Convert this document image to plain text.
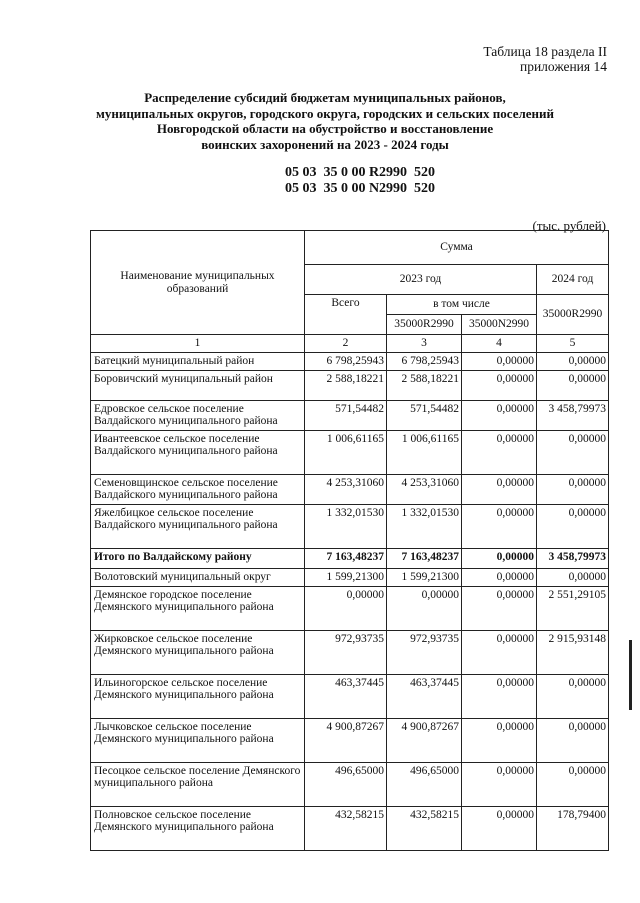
Таблица 18 раздела II
приложения 14
Распределение субсидий бюджетам муниципальных районов,
муниципальных округов, городского округа, городских и сельских поселений
Новгородской области на обустройство и восстановление
воинских захоронений на 2023 - 2024 годы
05 03  35 0 00 R2990  520
05 03  35 0 00 N2990  520
(тыс. рублей)
Наименование муниципальных образований	Сумма			
	2023 год			2024 год
	Всего	в том числе		35000R2990
		35000R2990	35000N2990	
1	2	3	4	5
Батецкий муниципальный район	6 798,25943	6 798,25943	0,00000	0,00000
Боровичский муниципальный район	2 588,18221	2 588,18221	0,00000	0,00000
Едровское сельское поселение Валдайского муниципального района	571,54482	571,54482	0,00000	3 458,79973
Ивантеевское сельское поселение Валдайского муниципального района	1 006,61165	1 006,61165	0,00000	0,00000
Семеновщинское сельское поселение Валдайского муниципального района	4 253,31060	4 253,31060	0,00000	0,00000
Яжелбицкое сельское поселение Валдайского муниципального района	1 332,01530	1 332,01530	0,00000	0,00000
Итого по Валдайскому району	7 163,48237	7 163,48237	0,00000	3 458,79973
Волотовский муниципальный округ	1 599,21300	1 599,21300	0,00000	0,00000
Демянское городское поселение Демянского муниципального района	0,00000	0,00000	0,00000	2 551,29105
Жирковское сельское поселение Демянского муниципального района	972,93735	972,93735	0,00000	2 915,93148
Ильиногорское сельское поселение Демянского муниципального района	463,37445	463,37445	0,00000	0,00000
Лычковское сельское поселение Демянского муниципального района	4 900,87267	4 900,87267	0,00000	0,00000
Песоцкое сельское поселение Демянского муниципального района	496,65000	496,65000	0,00000	0,00000
Полновское сельское поселение Демянского муниципального района	432,58215	432,58215	0,00000	178,79400
